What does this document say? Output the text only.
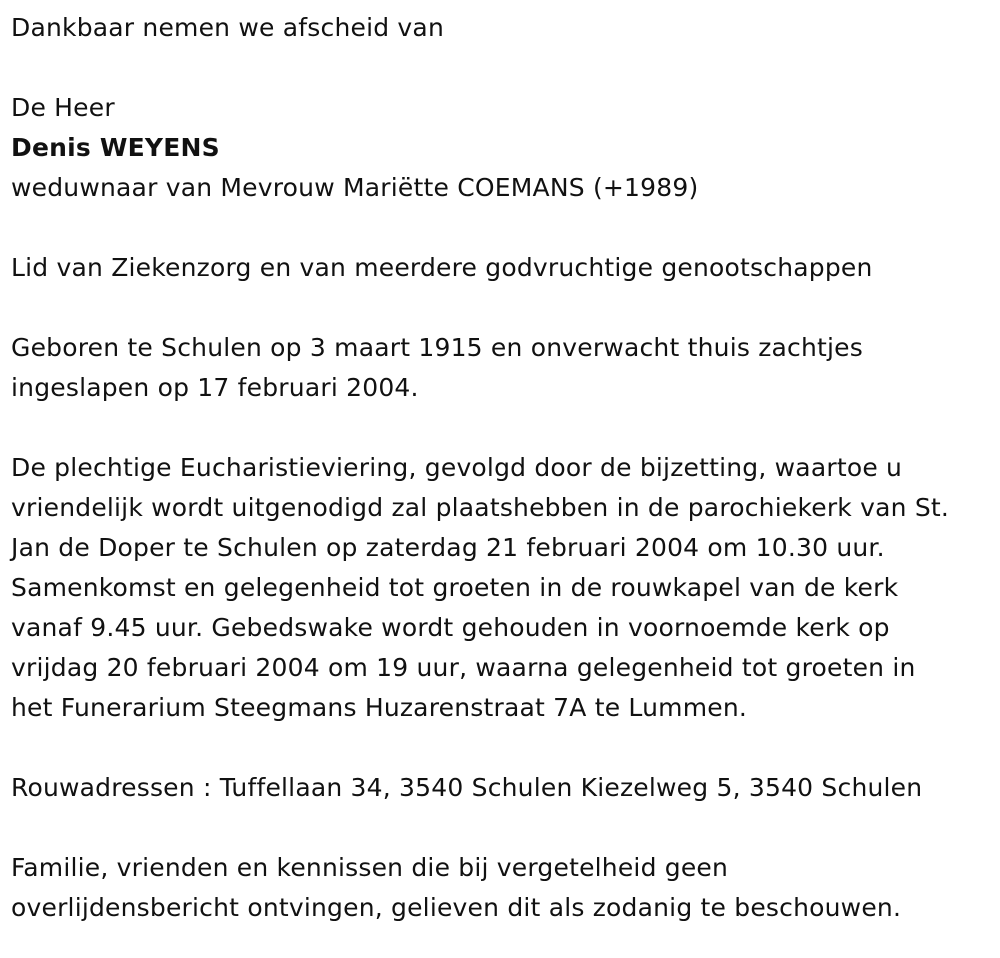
Dankbaar nemen we afscheid van

De Heer

Denis WEYENS

weduwnaar van Mevrouw Mariëtte COEMANS (+1989)

Lid van Ziekenzorg en van meerdere godvruchtige genootschappen

Geboren te Schulen op 3 maart 1915 en onverwacht thuis zachtjes

ingeslapen op 17 februari 2004.

De plechtige Eucharistieviering, gevolgd door de bijzetting, waartoe u

vriendelijk wordt uitgenodigd zal plaatshebben in de parochiekerk van St.

Jan de Doper te Schulen op zaterdag 21 februari 2004 om 10.30 uur.

Samenkomst en gelegenheid tot groeten in de rouwkapel van de kerk

vanaf 9.45 uur. Gebedswake wordt gehouden in voornoemde kerk op

vrijdag 20 februari 2004 om 19 uur, waarna gelegenheid tot groeten in

het Funerarium Steegmans Huzarenstraat 7A te Lummen.

Rouwadressen : Tuffellaan 34, 3540 Schulen Kiezelweg 5, 3540 Schulen

Familie, vrienden en kennissen die bij vergetelheid geen

overlijdensbericht ontvingen, gelieven dit als zodanig te beschouwen.
